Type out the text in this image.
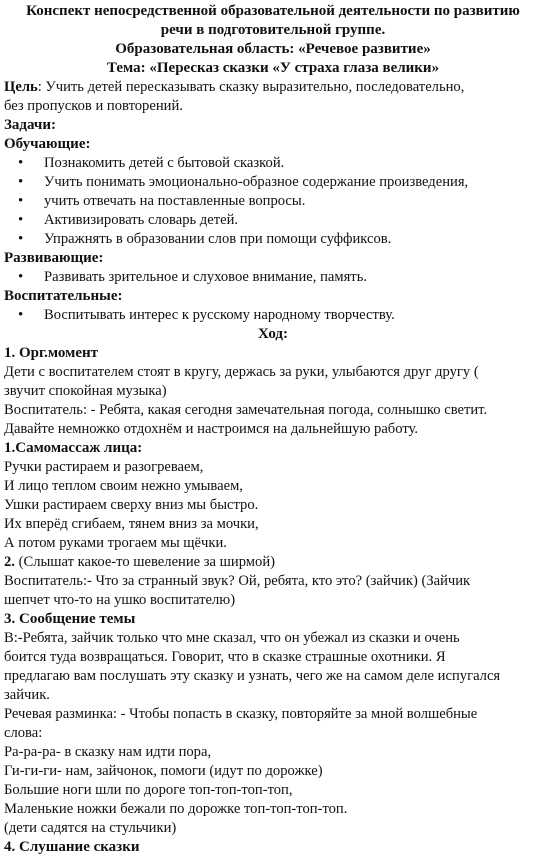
Конспект непосредственной образовательной деятельности по развитию
речи в подготовительной группе.
Образовательная область: «Речевое развитие»
Тема: «Пересказ сказки «У страха глаза велики»

Цель: Учить детей пересказывать сказку выразительно, последовательно,

без пропусков и повторений.

Задачи:
Обучающие:
• Познакомить детей с бытовой сказкой.
• Учить понимать эмоционально-образное содержание произведения,
• учить отвечать на поставленные вопросы.
• Активизировать словарь детей.
• Упражнять в образовании слов при помощи суффиксов.
Развивающие:
• Развивать зрительное и слуховое внимание, память.
Воспитательные:
• Воспитывать интерес к русскому народному творчеству.
Ход:
1. Орг.момент

Дети с воспитателем стоят в кругу, держась за руки, улыбаются друг другу (

звучит спокойная музыка)

Воспитатель: - Ребята, какая сегодня замечательная погода, солнышко светит.

Давайте немножко отдохнём и настроимся на дальнейшую работу.

1.Самомассаж лица:

Ручки растираем и разогреваем,

И лицо теплом своим нежно умываем,

Ушки растираем сверху вниз мы быстро.

Их вперёд сгибаем, тянем вниз за мочки,

А потом руками трогаем мы щёчки.

2. (Слышат какое-то шевеление за ширмой)

Воспитатель:- Что за странный звук? Ой, ребята, кто это? (зайчик) (Зайчик

шепчет что-то на ушко воспитателю)

3. Сообщение темы

В:-Ребята, зайчик только что мне сказал, что он убежал из сказки и очень

боится туда возвращаться. Говорит, что в сказке страшные охотники. Я

предлагаю вам послушать эту сказку и узнать, чего же на самом деле испугался

зайчик.

Речевая разминка: - Чтобы попасть в сказку, повторяйте за мной волшебные

слова:

Ра-ра-ра- в сказку нам идти пора,

Ги-ги-ги- нам, зайчонок, помоги (идут по дорожке)

Большие ноги шли по дороге топ-топ-топ-топ,

Маленькие ножки бежали по дорожке топ-топ-топ-топ.

(дети садятся на стульчики)

4. Слушание сказки
